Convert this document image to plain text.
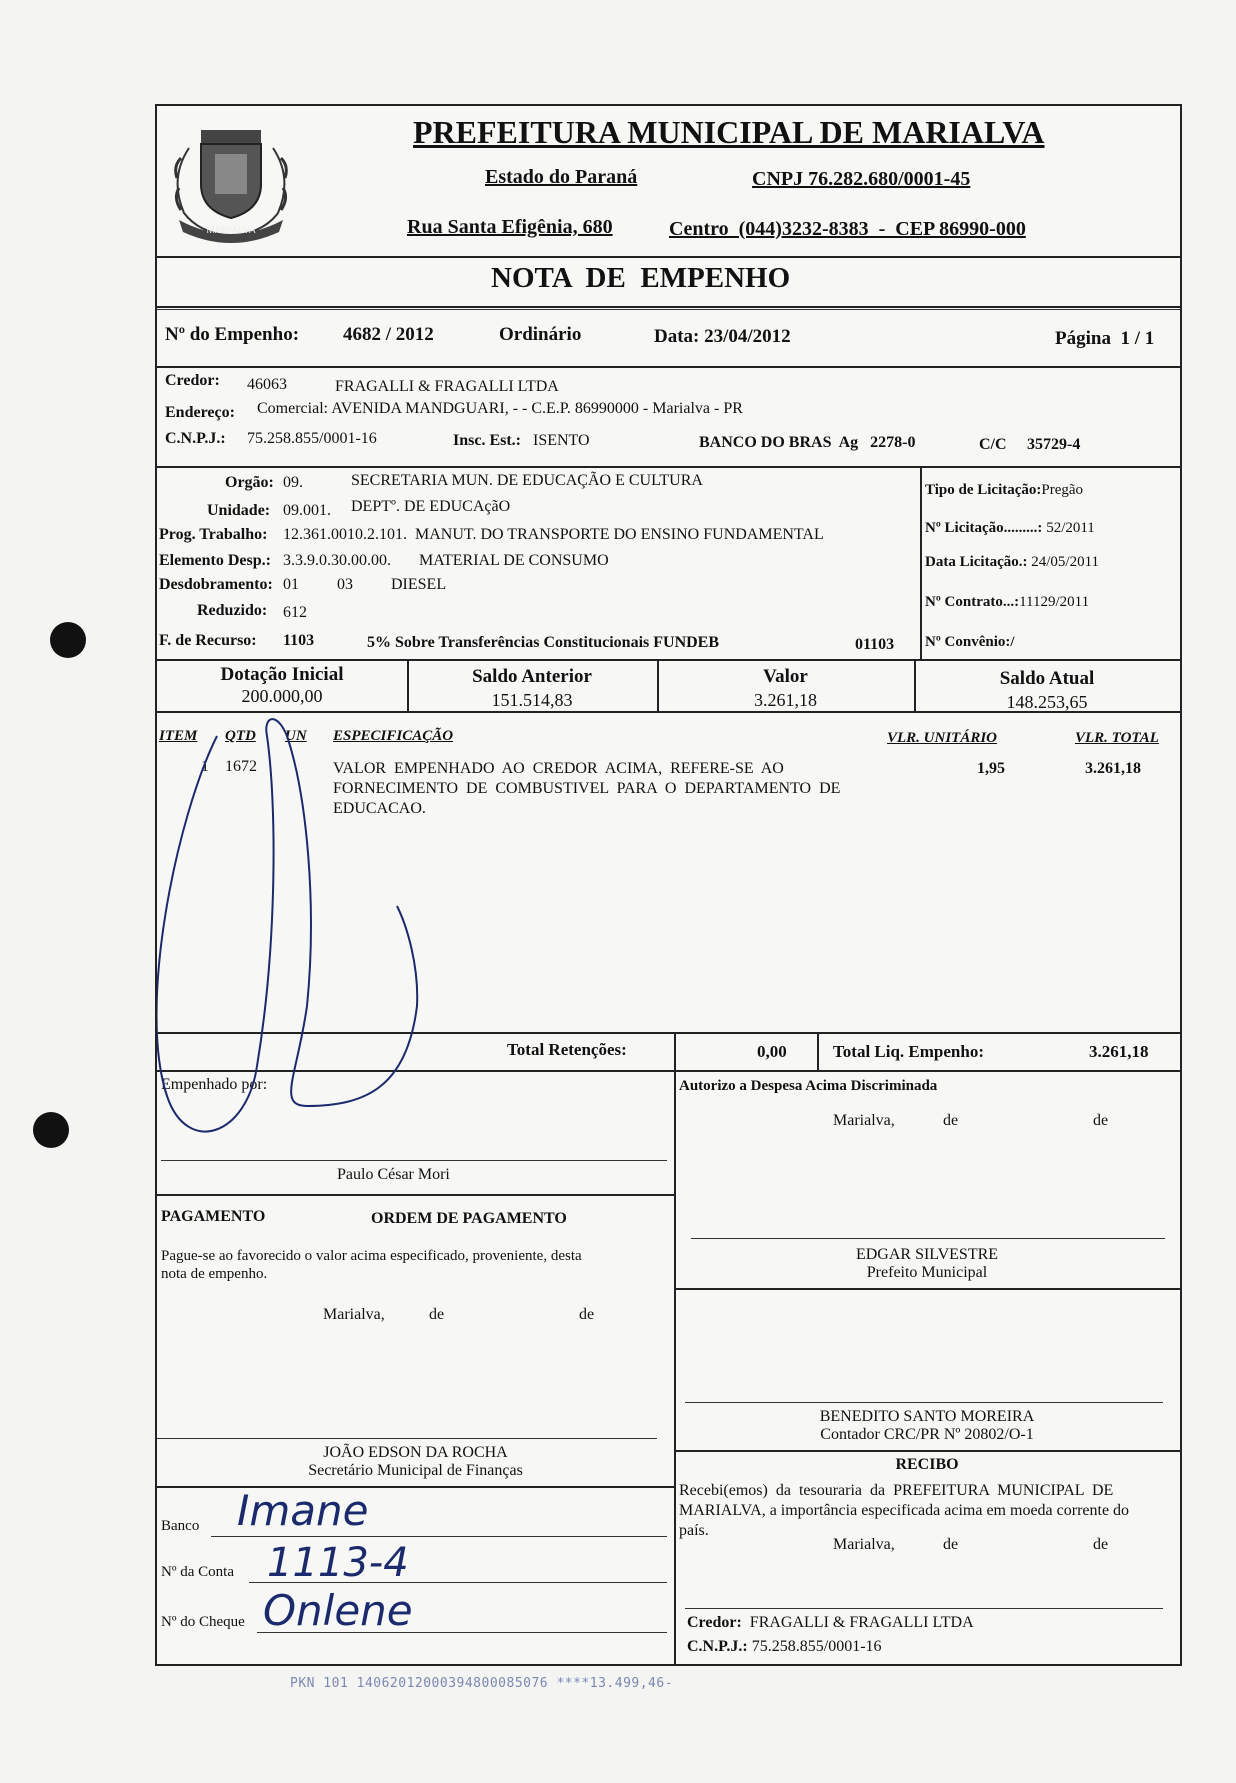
MARIALVA
PREFEITURA MUNICIPAL DE MARIALVA
Estado do Paraná	CNPJ 76.282.680/0001-45
Rua Santa Efigênia, 680	Centro  (044)3232-8383  -  CEP 86990-000
NOTA  DE  EMPENHO
Nº do Empenho: 4682 / 2012	Ordinário	Data: 23/04/2012	Página  1 / 1
Credor: 46063	FRAGALLI & FRAGALLI LTDA
Endereço: Comercial: AVENIDA MANDGUARI, - - C.E.P. 86990000 - Marialva - PR
C.N.P.J.: 75.258.855/0001-16	Insc. Est.: ISENTO	BANCO DO BRAS  Ag   2278-0	C/C 35729-4
Orgão: 09.	SECRETARIA MUN. DE EDUCAÇÃO E CULTURA
Unidade: 09.001. DEPTº. DE EDUCAçãO
Prog. Trabalho: 12.361.0010.2.101.  MANUT. DO TRANSPORTE DO ENSINO FUNDAMENTAL
Elemento Desp.: 3.3.9.0.30.00.00. MATERIAL DE CONSUMO
Desdobramento: 01 03 DIESEL
Reduzido: 612
F. de Recurso: 1103	5% Sobre Transferências Constitucionais FUNDEB	01103
Tipo de Licitação:Pregão
Nº Licitação.........: 52/2011
Data Licitação.: 24/05/2011
Nº Contrato...:11129/2011
Nº Convênio:/
Dotação Inicial
200.000,00
Saldo Anterior
151.514,83
Valor
3.261,18
Saldo Atual
148.253,65
ITEM QTD UN ESPECIFICAÇÃO	VLR. UNITÁRIO	VLR. TOTAL
1 1672	VALOR  EMPENHADO  AO  CREDOR  ACIMA,  REFERE-SE  AO
FORNECIMENTO  DE  COMBUSTIVEL  PARA  O  DEPARTAMENTO  DE
EDUCACAO.
1,95	3.261,18
Total Retenções:	0,00	Total Liq. Empenho:	3.261,18
Empenhado por:
Paulo César Mori
Autorizo a Despesa Acima Discriminada
Marialva,	de	de
EDGAR SILVESTRE
Prefeito Municipal
PAGAMENTO	ORDEM DE PAGAMENTO
Pague-se ao favorecido o valor acima especificado, proveniente, desta
nota de empenho.
Marialva,	de	de
JOÃO EDSON DA ROCHA
Secretário Municipal de Finanças
BENEDITO SANTO MOREIRA
Contador CRC/PR Nº 20802/O-1
RECIBO
Recebi(emos)  da  tesouraria  da  PREFEITURA  MUNICIPAL  DE
MARIALVA, a importância especificada acima em moeda corrente do
país.
Marialva,	de	de
Credor: FRAGALLI & FRAGALLI LTDA
C.N.P.J.: 75.258.855/0001-16
Banco Imane
Nº da Conta 1113-4
Nº do Cheque Onlene
PKN 101 14062012000394800085076 ****13.499,46-
